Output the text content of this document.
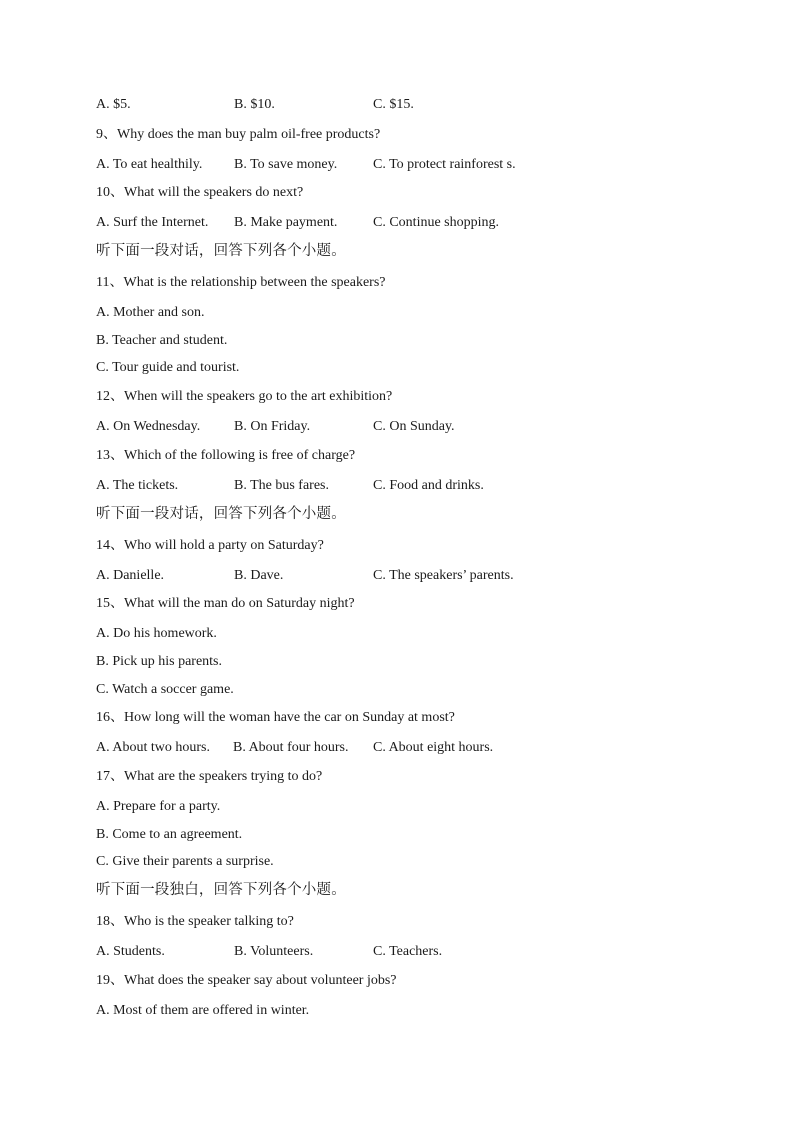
A. $5.	B. $10.	C. $15.
9、Why does the man buy palm oil-free products?
A. To eat healthily. B. To save money.	C. To protect rainforest s.
10、What will the speakers do next?
A. Surf the Internet. B. Make payment.	C. Continue shopping.
听下面一段对话，回答下列各个小题。
11、What is the relationship between the speakers?
A. Mother and son.
B. Teacher and student.
C. Tour guide and tourist.
12、When will the speakers go to the art exhibition?
A. On Wednesday. B. On Friday.	C. On Sunday.
13、Which of the following is free of charge?
A. The tickets.	B. The bus fares.	C. Food and drinks.
听下面一段对话，回答下列各个小题。
14、Who will hold a party on Saturday?
A. Danielle.	B. Dave.	C. The speakers’ parents.
15、What will the man do on Saturday night?
A. Do his homework.
B. Pick up his parents.
C. Watch a soccer game.
16、How long will the woman have the car on Sunday at most?
A. About two hours. B. About four hours. C. About eight hours.
17、What are the speakers trying to do?
A. Prepare for a party.
B. Come to an agreement.
C. Give their parents a surprise.
听下面一段独白，回答下列各个小题。
18、Who is the speaker talking to?
A. Students.	B. Volunteers.	C. Teachers.
19、What does the speaker say about volunteer jobs?
A. Most of them are offered in winter.
